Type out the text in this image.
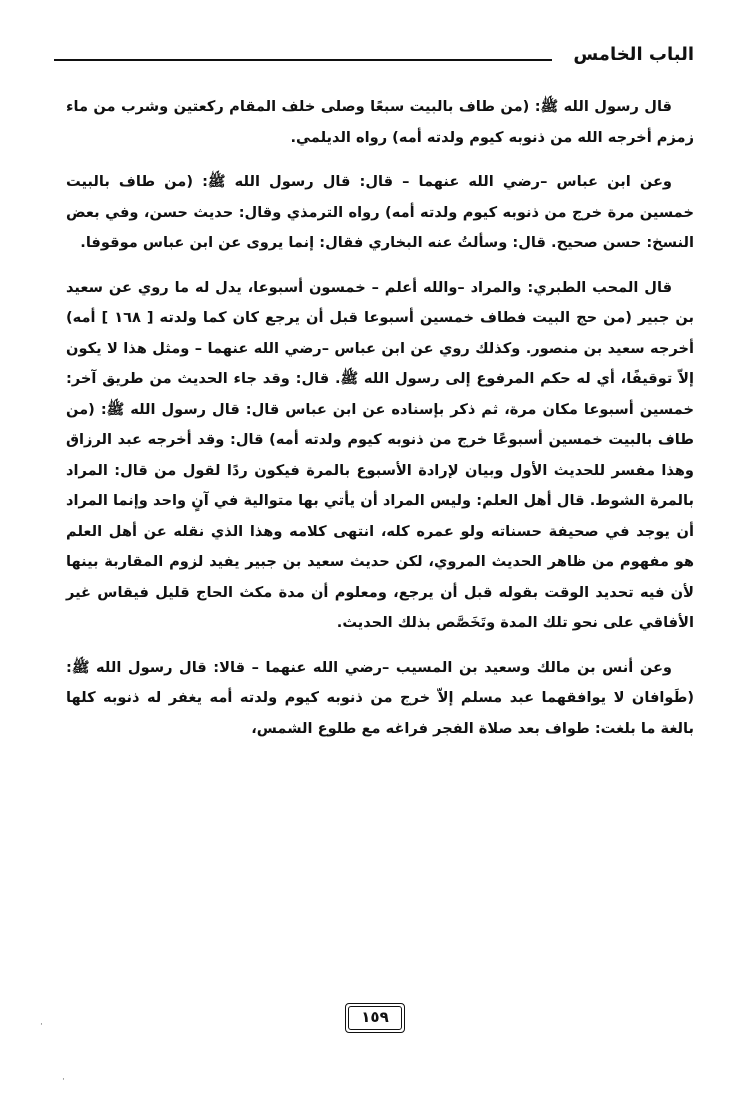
الباب الخامس

قال رسول الله ﷺ: (من طاف بالبيت سبعًا وصلى خلف المقام ركعتين وشرب من ماء زمزم أخرجه الله من ذنوبه كيوم ولدته أمه) رواه الديلمي.

وعن ابن عباس –رضي الله عنهما – قال: قال رسول الله ﷺ: (من طاف بالبيت خمسين مرة خرج من ذنوبه كيوم ولدته أمه) رواه الترمذي وقال: حديث حسن، وفي بعض النسخ: حسن صحيح. قال: وسألتُ عنه البخاري فقال: إنما يروى عن ابن عباس موقوفا.

قال المحب الطبري: والمراد –والله أعلم – خمسون أسبوعا، يدل له ما روي عن سعيد بن جبير (من حج البيت فطاف خمسين أسبوعا قبل أن يرجع كان كما ولدته [ ١٦٨ ] أمه) أخرجه سعيد بن منصور. وكذلك روي عن ابن عباس –رضي الله عنهما – ومثل هذا لا يكون إلاّ توقيفًا، أي له حكم المرفوع إلى رسول الله ﷺ. قال: وقد جاء الحديث من طريق آخر: خمسين أسبوعا مكان مرة، ثم ذكر بإسناده عن ابن عباس قال: قال رسول الله ﷺ: (من طاف بالبيت خمسين أسبوعًا خرج من ذنوبه كيوم ولدته أمه) قال: وقد أخرجه عبد الرزاق وهذا مفسر للحديث الأول وبيان لإرادة الأسبوع بالمرة فيكون ردًا لقول من قال: المراد بالمرة الشوط. قال أهل العلم: وليس المراد أن يأتي بها متوالية في آنٍ واحد وإنما المراد أن يوجد في صحيفة حسناته ولو عمره كله، انتهى كلامه وهذا الذي نقله عن أهل العلم هو مفهوم من ظاهر الحديث المروي، لكن حديث سعيد بن جبير يفيد لزوم المقاربة بينها لأن فيه تحديد الوقت بقوله قبل أن يرجع، ومعلوم أن مدة مكث الحاج قليل فيقاس غير الأفاقي على نحو تلك المدة وتَخَصَّص بذلك الحديث.

وعن أنس بن مالك وسعيد بن المسيب –رضي الله عنهما – قالا: قال رسول الله ﷺ: (طَوافان لا يوافقهما عبد مسلم إلاّ خرج من ذنوبه كيوم ولدته أمه يغفر له ذنوبه كلها بالغة ما بلغت: طواف بعد صلاة الفجر فراغه مع طلوع الشمس،

١٥٩
·
·
